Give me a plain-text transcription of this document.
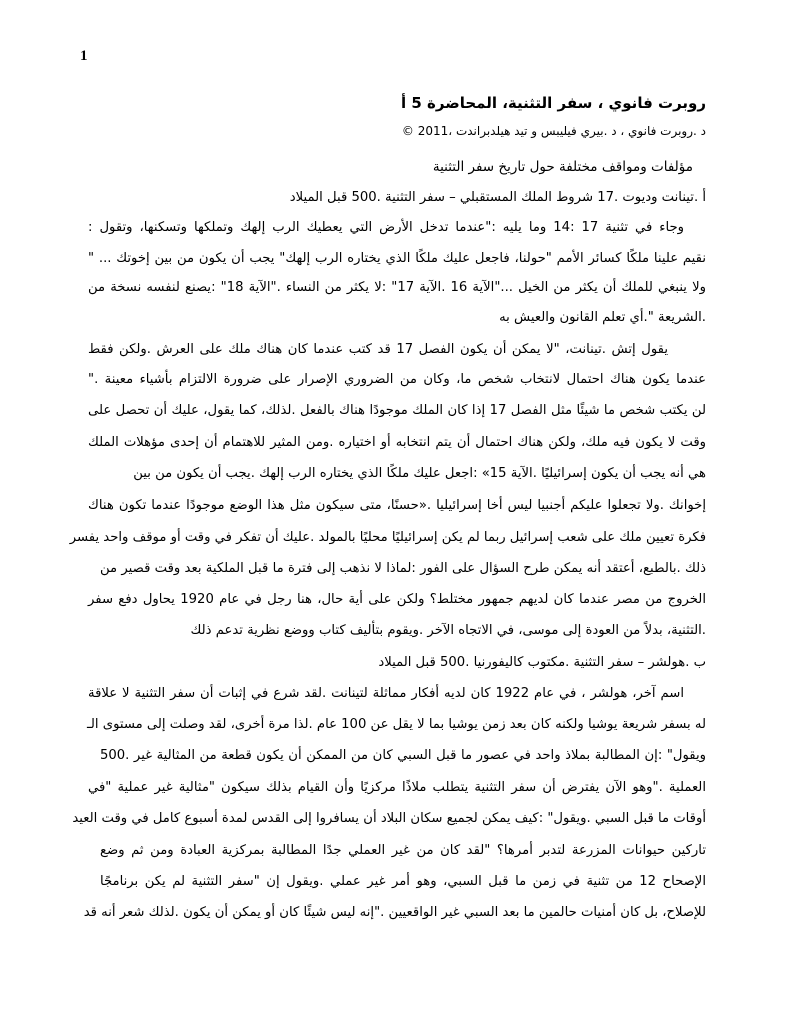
1
روبرت فانوي ، سفر التثنية، المحاضرة 5 أ
د .روبرت فانوي ، د .بيري فيليبس و تيد هيلدبراندت ،2011 ©
مؤلفات ومواقف مختلفة حول تاريخ سفر التثنية
أ .تينانت وديوت .17 شروط الملك المستقبلي – سفر التثنية .500 قبل الميلاد
وجاء في تثنية 17 :14 وما يليه :"عندما تدخل الأرض التي يعطيك الرب إلهك وتملكها وتسكنها، وتقول :
نقيم علينا ملكًا كسائر الأمم "حولنا، فاجعل عليك ملكًا الذي يختاره الرب إلهك" يجب أن يكون من بين إخوتك ... "
ولا ينبغي للملك أن يكثر من الخيل ..."الآية 16 .الآية 17" :لا يكثر من النساء ."الآية 18" :يصنع لنفسه نسخة من
.الشريعة ".أي تعلم القانون والعيش به
يقول إتش .تينانت، "لا يمكن أن يكون الفصل 17 قد كتب عندما كان هناك ملك على العرش .ولكن فقط
عندما يكون هناك احتمال لانتخاب شخص ما، وكان من الضروري الإصرار على ضرورة الالتزام بأشياء معينة ."
لن يكتب شخص ما شيئًا مثل الفصل 17 إذا كان الملك موجودًا هناك بالفعل .لذلك، كما يقول، عليك أن تحصل على
وقت لا يكون فيه ملك، ولكن هناك احتمال أن يتم انتخابه أو اختياره .ومن المثير للاهتمام أن إحدى مؤهلات الملك
هي أنه يجب أن يكون إسرائيليًا .الآية 15» :اجعل عليك ملكًا الذي يختاره الرب إلهك .يجب أن يكون من بين
إخوانك .ولا تجعلوا عليكم أجنبيا ليس أخا إسرائيليا .«حسنًا، متى سيكون مثل هذا الوضع موجودًا عندما تكون هناك
فكرة تعيين ملك على شعب إسرائيل ربما لم يكن إسرائيليًا محليًا بالمولد .عليك أن تفكر في وقت أو موقف واحد يفسر
ذلك .بالطبع، أعتقد أنه يمكن طرح السؤال على الفور :لماذا لا نذهب إلى فترة ما قبل الملكية بعد وقت قصير من
الخروج من مصر عندما كان لديهم جمهور مختلط؟ ولكن على أية حال، هنا رجل في عام 1920 يحاول دفع سفر
.التثنية، بدلاً من العودة إلى موسى، في الاتجاه الآخر .ويقوم بتأليف كتاب ووضع نظرية تدعم ذلك
ب .هولشر – سفر التثنية .مكتوب كاليفورنيا .500 قبل الميلاد
اسم آخر، هولشر ، في عام 1922 كان لديه أفكار مماثلة لتينانت .لقد شرع في إثبات أن سفر التثنية لا علاقة
له بسفر شريعة يوشيا ولكنه كان بعد زمن يوشيا بما لا يقل عن 100 عام .لذا مرة أخرى، لقد وصلت إلى مستوى الـ
ويقول" :إن المطالبة بملاذ واحد في عصور ما قبل السبي كان من الممكن أن يكون قطعة من المثالية غير .500
العملية ."وهو الآن يفترض أن سفر التثنية يتطلب ملاذًا مركزيًا وأن القيام بذلك سيكون "مثالية غير عملية "في
أوقات ما قبل السبي .ويقول" :كيف يمكن لجميع سكان البلاد أن يسافروا إلى القدس لمدة أسبوع كامل في وقت العيد
تاركين حيوانات المزرعة لتدبر أمرها؟ "لقد كان من غير العملي جدًا المطالبة بمركزية العبادة ومن ثم وضع
الإصحاح 12 من تثنية في زمن ما قبل السبي، وهو أمر غير عملي .ويقول إن "سفر التثنية لم يكن برنامجًا
للإصلاح، بل كان أمنيات حالمين ما بعد السبي غير الواقعيين ."إنه ليس شيئًا كان أو يمكن أن يكون .لذلك شعر أنه قد
